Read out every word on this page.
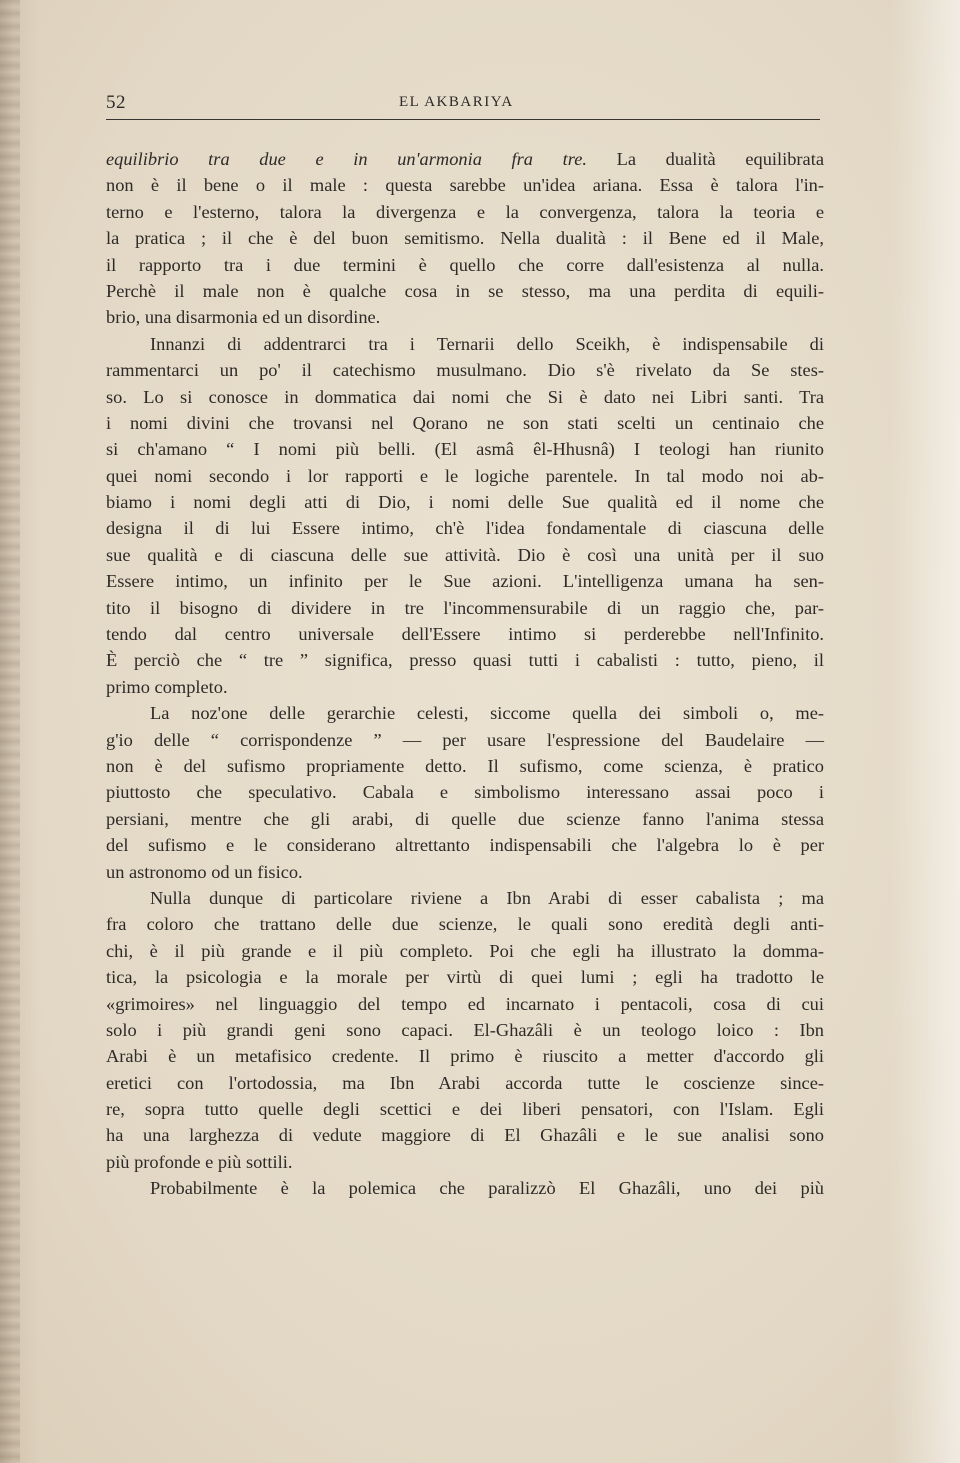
52	EL AKBARIYA
equilibrio tra due e in un'armonia fra tre. La dualità equilibrata
non è il bene o il male : questa sarebbe un'idea ariana. Essa è talora l'in-
terno e l'esterno, talora la divergenza e la convergenza, talora la teoria e
la pratica ; il che è del buon semitismo. Nella dualità : il Bene ed il Male,
il rapporto tra i due termini è quello che corre dall'esistenza al nulla.
Perchè il male non è qualche cosa in se stesso, ma una perdita di equili-
brio, una disarmonia ed un disordine.
Innanzi di addentrarci tra i Ternarii dello Sceikh, è indispensabile di
rammentarci un po' il catechismo musulmano. Dio s'è rivelato da Se stes-
so. Lo si conosce in dommatica dai nomi che Si è dato nei Libri santi. Tra
i nomi divini che trovansi nel Qorano ne son stati scelti un centinaio che
si ch'amano “ I nomi più belli. (El asmâ êl-Hhusnâ) I teologi han riunito
quei nomi secondo i lor rapporti e le logiche parentele. In tal modo noi ab-
biamo i nomi degli atti di Dio, i nomi delle Sue qualità ed il nome che
designa il di lui Essere intimo, ch'è l'idea fondamentale di ciascuna delle
sue qualità e di ciascuna delle sue attività. Dio è così una unità per il suo
Essere intimo, un infinito per le Sue azioni. L'intelligenza umana ha sen-
tito il bisogno di dividere in tre l'incommensurabile di un raggio che, par-
tendo dal centro universale dell'Essere intimo si perderebbe nell'Infinito.
È perciò che “ tre ” significa, presso quasi tutti i cabalisti : tutto, pieno, il
primo completo.
La noz'one delle gerarchie celesti, siccome quella dei simboli o, me-
g'io delle “ corrispondenze ” — per usare l'espressione del Baudelaire —
non è del sufismo propriamente detto. Il sufismo, come scienza, è pratico
piuttosto che speculativo. Cabala e simbolismo interessano assai poco i
persiani, mentre che gli arabi, di quelle due scienze fanno l'anima stessa
del sufismo e le considerano altrettanto indispensabili che l'algebra lo è per
un astronomo od un fisico.
Nulla dunque di particolare riviene a Ibn Arabi di esser cabalista ; ma
fra coloro che trattano delle due scienze, le quali sono eredità degli anti-
chi, è il più grande e il più completo. Poi che egli ha illustrato la domma-
tica, la psicologia e la morale per virtù di quei lumi ; egli ha tradotto le
«grimoires» nel linguaggio del tempo ed incarnato i pentacoli, cosa di cui
solo i più grandi geni sono capaci. El-Ghazâli è un teologo loico : Ibn
Arabi è un metafisico credente. Il primo è riuscito a metter d'accordo gli
eretici con l'ortodossia, ma Ibn Arabi accorda tutte le coscienze since-
re, sopra tutto quelle degli scettici e dei liberi pensatori, con l'Islam. Egli
ha una larghezza di vedute maggiore di El Ghazâli e le sue analisi sono
più profonde e più sottili.
Probabilmente è la polemica che paralizzò El Ghazâli, uno dei più
